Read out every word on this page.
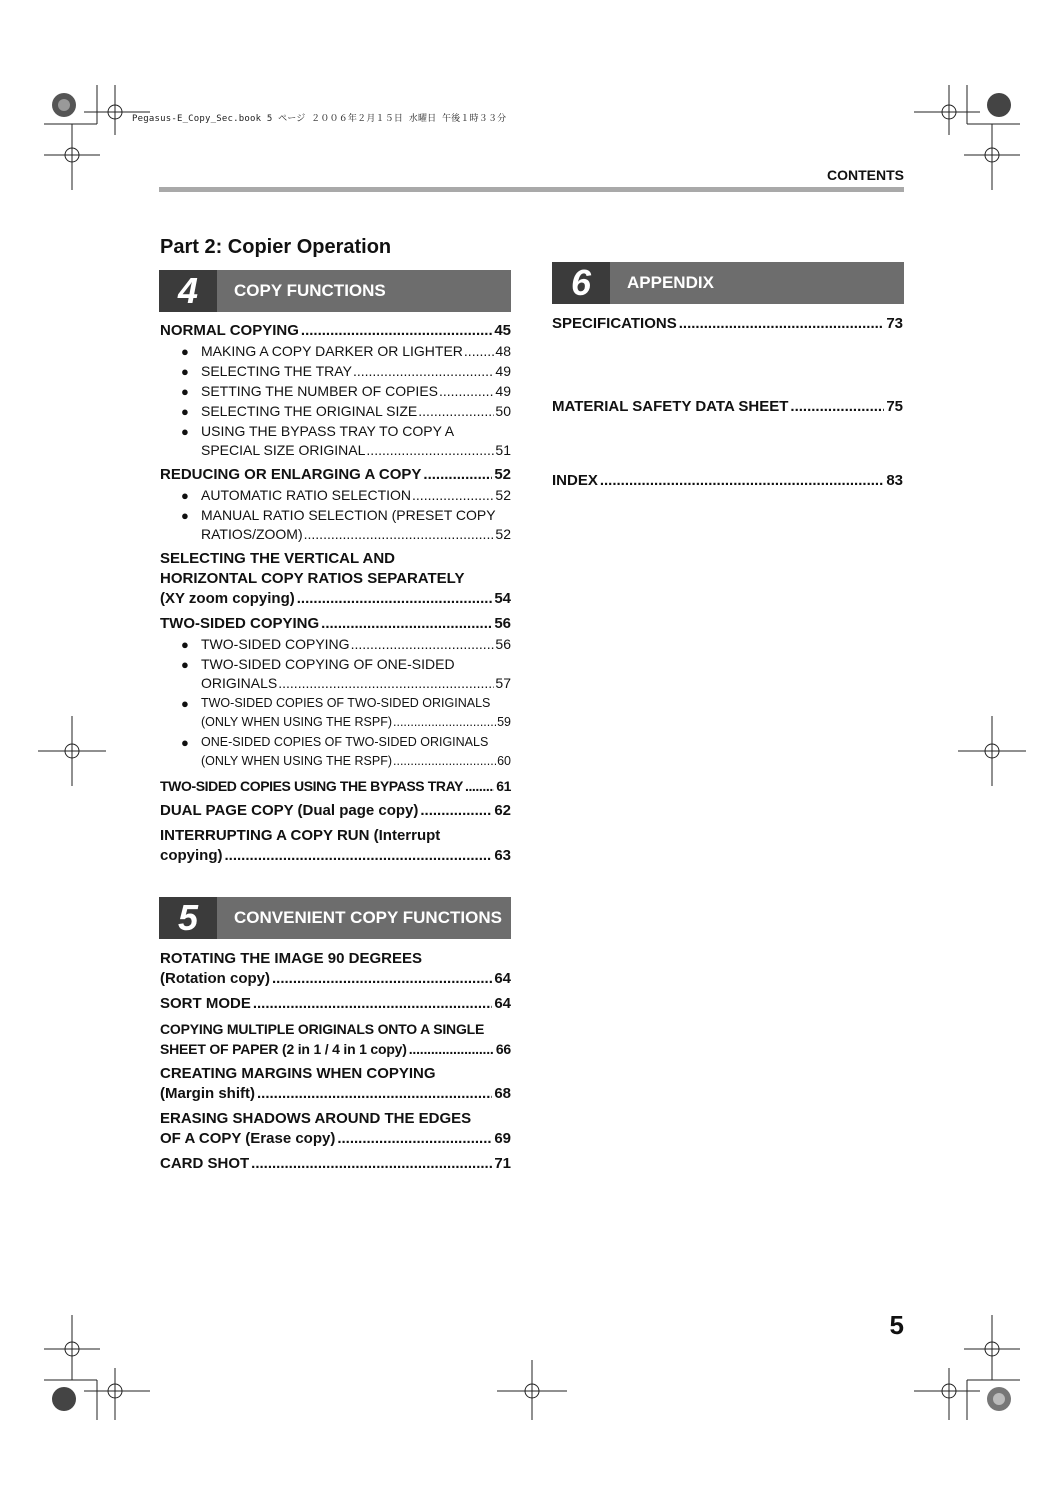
Pegasus-E_Copy_Sec.book 5 ページ ２００６年２月１５日 水曜日 午後１時３３分
CONTENTS
Part 2: Copier Operation
4	COPY FUNCTIONS
NORMAL COPYING .....	45
● MAKING A COPY DARKER OR LIGHTER ..... 48
● SELECTING THE TRAY .....	49
● SETTING THE NUMBER OF COPIES .....	49
● SELECTING THE ORIGINAL SIZE .....	50
● USING THE BYPASS TRAY TO COPY A
SPECIAL SIZE ORIGINAL .....	51
REDUCING OR ENLARGING A COPY .....	52
● AUTOMATIC RATIO SELECTION .....	52
● MANUAL RATIO SELECTION (PRESET COPY
RATIOS/ZOOM) .....	52
SELECTING THE VERTICAL AND
HORIZONTAL COPY RATIOS SEPARATELY
(XY zoom copying) .....	54
TWO-SIDED COPYING .....	56
● TWO-SIDED COPYING .....	56
● TWO-SIDED COPYING OF ONE-SIDED
ORIGINALS .....	57
● TWO-SIDED COPIES OF TWO-SIDED ORIGINALS
(ONLY WHEN USING THE RSPF) .....	59
● ONE-SIDED COPIES OF TWO-SIDED ORIGINALS
(ONLY WHEN USING THE RSPF) .....	60
TWO-SIDED COPIES USING THE BYPASS TRAY ..... 61
DUAL PAGE COPY (Dual page copy) .....	62
INTERRUPTING A COPY RUN (Interrupt
copying) .....	63
5	CONVENIENT COPY FUNCTIONS
ROTATING THE IMAGE 90 DEGREES
(Rotation copy) .....	64
SORT MODE .....	64
COPYING MULTIPLE ORIGINALS ONTO A SINGLE
SHEET OF PAPER (2 in 1 / 4 in 1 copy) .....	66
CREATING MARGINS WHEN COPYING
(Margin shift) .....	68
ERASING SHADOWS AROUND THE EDGES
OF A COPY (Erase copy) .....	69
CARD SHOT .....	71
6	APPENDIX
SPECIFICATIONS .....	73
MATERIAL SAFETY DATA SHEET .....	75
INDEX .....	83
5
